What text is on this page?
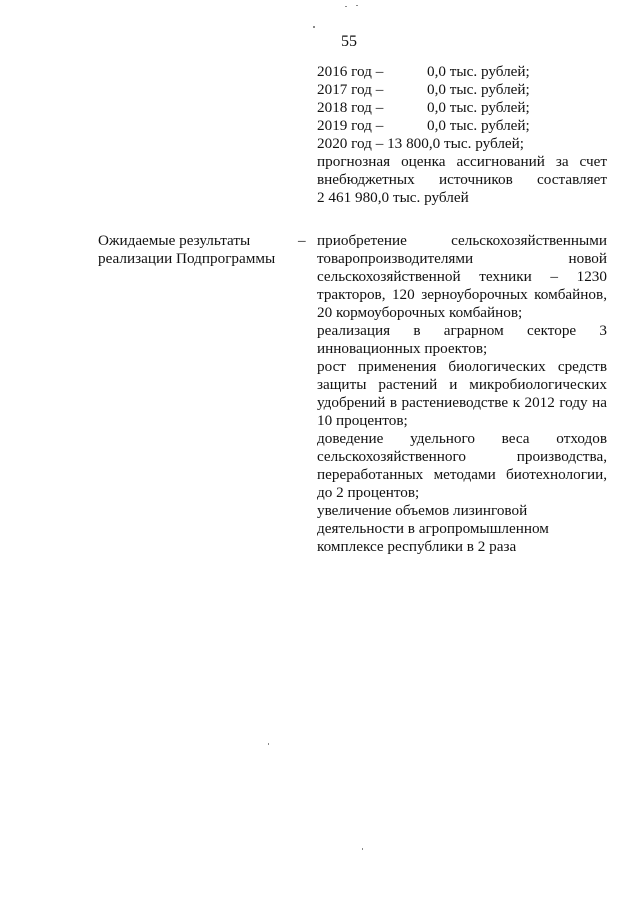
55
2016 год –	0,0 тыс. рублей;
2017 год –	0,0 тыс. рублей;
2018 год –	0,0 тыс. рублей;
2019 год –	0,0 тыс. рублей;
2020 год – 13 800,0 тыс. рублей;
прогнозная оценка ассигнований за счет
внебюджетных источников составляет
2 461 980,0 тыс. рублей
Ожидаемые результаты реализации Подпрограммы
– приобретение сельскохозяйственными товаропроизводителями новой сельскохозяйственной техники – 1230 тракторов, 120 зерноуборочных комбайнов, 20 кормоуборочных комбайнов;

реализация в аграрном секторе 3 инновационных проектов;

рост применения биологических средств защиты растений и микробиологических удобрений в растениеводстве к 2012 году на 10 процентов;

доведение удельного веса отходов сельскохозяйственного производства, переработанных методами биотехнологии, до 2 процентов;

увеличение объемов лизинговой деятельности в агропромышленном комплексе республики в 2 раза
